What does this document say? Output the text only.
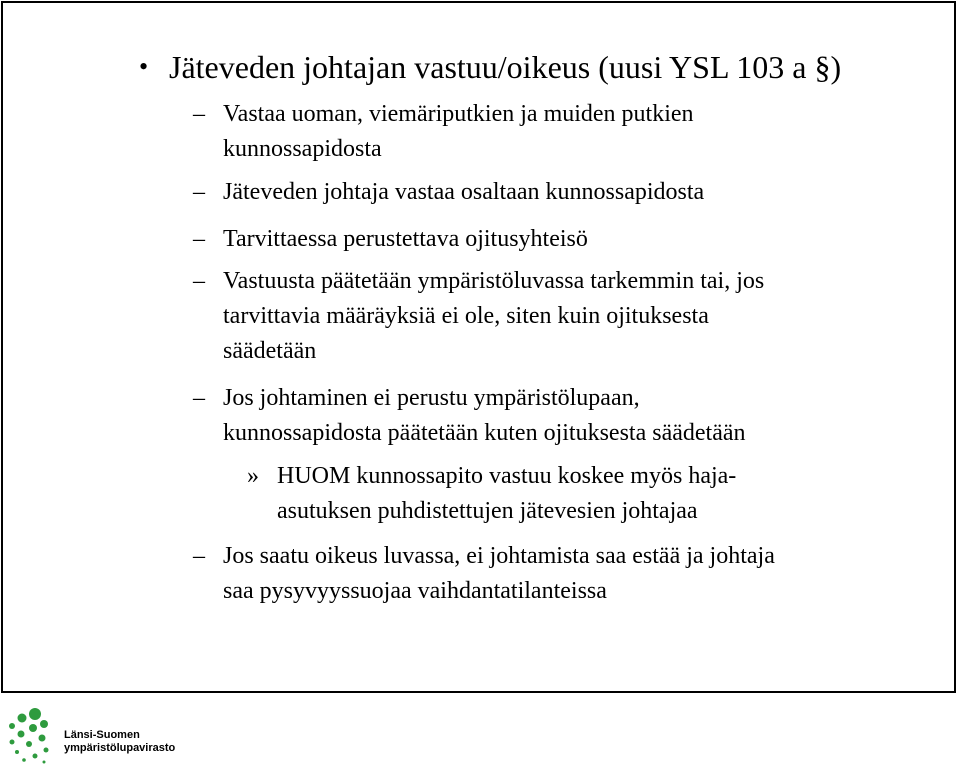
• Jäteveden johtajan vastuu/oikeus (uusi YSL 103 a §)
– Vastaa uoman, viemäriputkien ja muiden putkien
kunnossapidosta
– Jäteveden johtaja vastaa osaltaan kunnossapidosta
– Tarvittaessa perustettava ojitusyhteisö
– Vastuusta päätetään ympäristöluvassa tarkemmin tai, jos
tarvittavia määräyksiä ei ole, siten kuin ojituksesta
säädetään
– Jos johtaminen ei perustu ympäristölupaan,
kunnossapidosta päätetään kuten ojituksesta säädetään
» HUOM kunnossapito vastuu koskee myös haja-
asutuksen puhdistettujen jätevesien johtajaa
– Jos saatu oikeus luvassa, ei johtamista saa estää ja johtaja
saa pysyvyyssuojaa vaihdantatilanteissa
Länsi-Suomen
ympäristölupavirasto
